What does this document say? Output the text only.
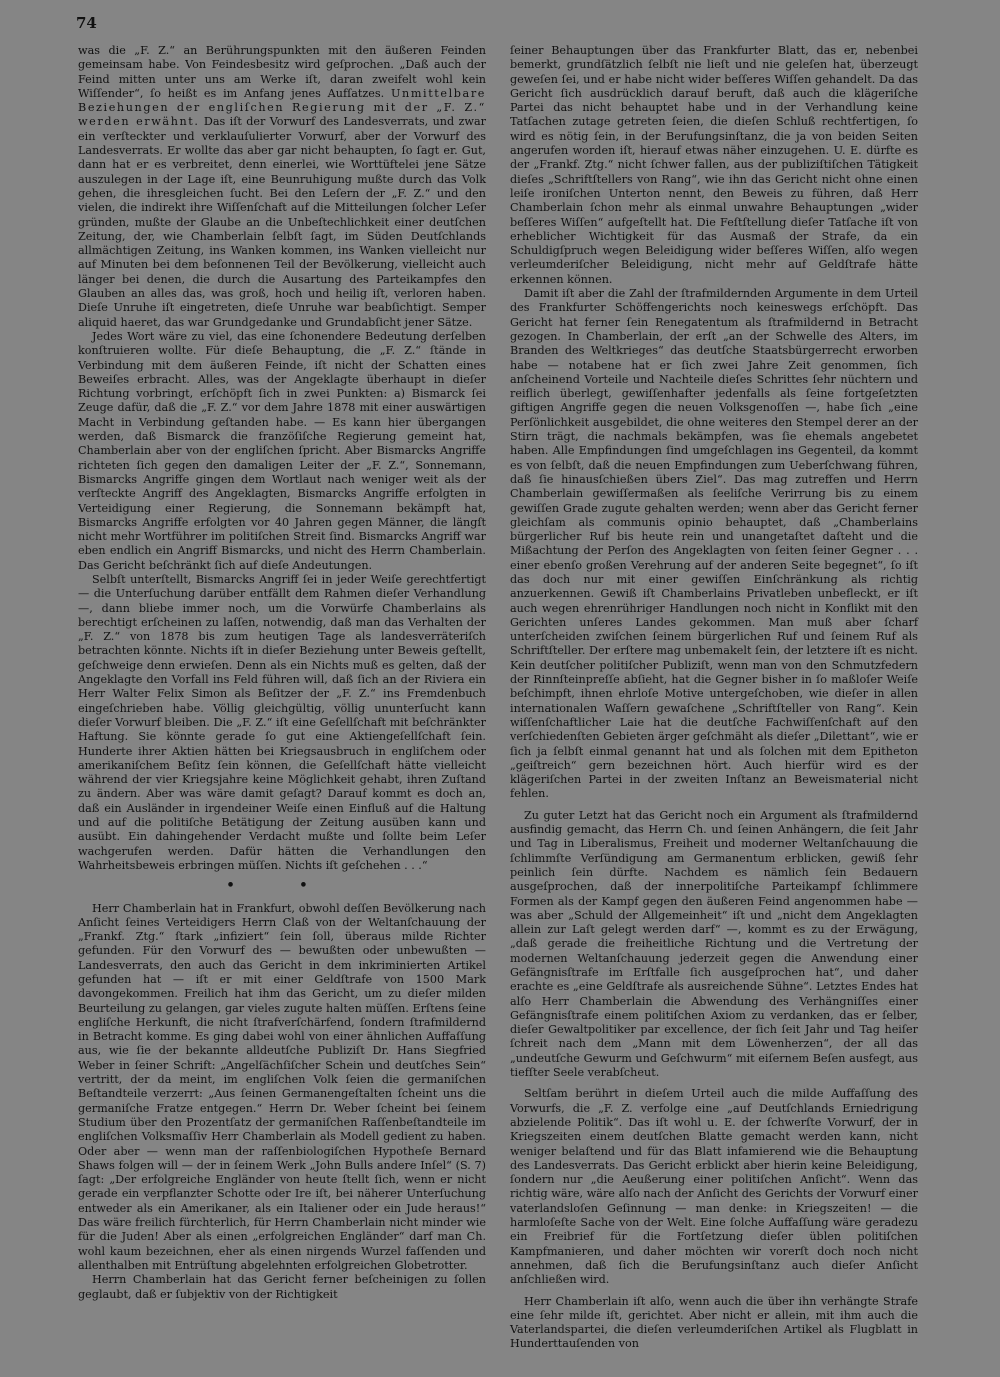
74

was die „F. Z.“ an Berührungspunkten mit den äußeren Feinden gemeinsam habe. Von Feindesbesitz wird geſprochen. „Daß auch der Feind mitten unter uns am Werke iſt, daran zweifelt wohl kein Wiſſender“, ſo heißt es im Anfang jenes Aufſatzes. Unmittelbare Beziehungen der engliſchen Regierung mit der „F. Z.“ werden erwähnt. Das iſt der Vorwurf des Landesverrats, und zwar ein verſteckter und verklauſulierter Vorwurf, aber der Vorwurf des Landesverrats. Er wollte das aber gar nicht behaupten, ſo ſagt er. Gut, dann hat er es verbreitet, denn einerlei, wie Worttüftelei jene Sätze auszulegen in der Lage iſt, eine Beunruhigung mußte durch das Volk gehen, die ihresgleichen ſucht. Bei den Leſern der „F. Z.“ und den vielen, die indirekt ihre Wiſſenſchaft auf die Mitteilungen ſolcher Leſer gründen, mußte der Glaube an die Unbeſtechlichkeit einer deutſchen Zeitung, der, wie Chamberlain ſelbſt ſagt, im Süden Deutſchlands allmächtigen Zeitung, ins Wanken kommen, ins Wanken vielleicht nur auf Minuten bei dem beſonnenen Teil der Bevölkerung, vielleicht auch länger bei denen, die durch die Ausartung des Parteikampfes den Glauben an alles das, was groß, hoch und heilig iſt, verloren haben. Dieſe Unruhe iſt eingetreten, dieſe Unruhe war beabſichtigt. Semper aliquid haeret, das war Grundgedanke und Grundabſicht jener Sätze.

Jedes Wort wäre zu viel, das eine ſchonendere Bedeutung derſelben konſtruieren wollte. Für dieſe Behauptung, die „F. Z.“ ſtände in Verbindung mit dem äußeren Feinde, iſt nicht der Schatten eines Beweiſes erbracht. Alles, was der Angeklagte überhaupt in dieſer Richtung vorbringt, erſchöpft ſich in zwei Punkten: a) Bismarck ſei Zeuge dafür, daß die „F. Z.“ vor dem Jahre 1878 mit einer auswärtigen Macht in Verbindung geſtanden habe. — Es kann hier übergangen werden, daß Bismarck die franzöſiſche Regierung gemeint hat, Chamberlain aber von der engliſchen ſpricht. Aber Bismarcks Angriffe richteten ſich gegen den damaligen Leiter der „F. Z.“, Sonnemann, Bismarcks Angriffe gingen dem Wortlaut nach weniger weit als der verſteckte Angriff des Angeklagten, Bismarcks Angriffe erfolgten in Verteidigung einer Regierung, die Sonnemann bekämpft hat, Bismarcks Angriffe erfolgten vor 40 Jahren gegen Männer, die längſt nicht mehr Wortführer im politiſchen Streit ſind. Bismarcks Angriff war eben endlich ein Angriff Bismarcks, und nicht des Herrn Chamberlain. Das Gericht beſchränkt ſich auf dieſe Andeutungen.

Selbſt unterſtellt, Bismarcks Angriff ſei in jeder Weiſe gerechtfertigt — die Unterſuchung darüber entfällt dem Rahmen dieſer Verhandlung —, dann bliebe immer noch, um die Vorwürfe Chamberlains als berechtigt erſcheinen zu laſſen, notwendig, daß man das Verhalten der „F. Z.“ von 1878 bis zum heutigen Tage als landesverräteriſch betrachten könnte. Nichts iſt in dieſer Beziehung unter Beweis geſtellt, geſchweige denn erwieſen. Denn als ein Nichts muß es gelten, daß der Angeklagte den Vorfall ins Feld führen will, daß ſich an der Riviera ein Herr Walter Felix Simon als Beſitzer der „F. Z.“ ins Fremdenbuch eingeſchrieben habe. Völlig gleichgültig, völlig ununterſucht kann dieſer Vorwurf bleiben. Die „F. Z.“ iſt eine Geſellſchaft mit beſchränkter Haftung. Sie könnte gerade ſo gut eine Aktiengeſellſchaft ſein. Hunderte ihrer Aktien hätten bei Kriegsausbruch in engliſchem oder amerikaniſchem Beſitz ſein können, die Geſellſchaft hätte vielleicht während der vier Kriegsjahre keine Möglichkeit gehabt, ihren Zuſtand zu ändern. Aber was wäre damit geſagt? Darauf kommt es doch an, daß ein Ausländer in irgendeiner Weiſe einen Einfluß auf die Haltung und auf die politiſche Betätigung der Zeitung ausüben kann und ausübt. Ein dahingehender Verdacht mußte und ſollte beim Leſer wachgerufen werden. Dafür hätten die Verhandlungen den Wahrheitsbeweis erbringen müſſen. Nichts iſt geſchehen . . .“

• •

Herr Chamberlain hat in Frankfurt, obwohl deſſen Bevölkerung nach Anſicht ſeines Verteidigers Herrn Claß von der Weltanſchauung der „Frankf. Ztg.“ ſtark „infiziert“ ſein ſoll, überaus milde Richter gefunden. Für den Vorwurf des — bewußten oder unbewußten — Landesverrats, den auch das Gericht in dem inkriminierten Artikel gefunden hat — iſt er mit einer Geldſtrafe von 1500 Mark davongekommen. Freilich hat ihm das Gericht, um zu dieſer milden Beurteilung zu gelangen, gar vieles zugute halten müſſen. Erſtens ſeine engliſche Herkunft, die nicht ſtrafverſchärfend, ſondern ſtrafmildernd in Betracht komme. Es ging dabei wohl von einer ähnlichen Auffaſſung aus, wie ſie der bekannte alldeutſche Publiziſt Dr. Hans Siegfried Weber in ſeiner Schrift: „Angelſächſiſcher Schein und deutſches Sein“ vertritt, der da meint, im engliſchen Volk ſeien die germaniſchen Beſtandteile verzerrt: „Aus ſeinen Germanengeſtalten ſcheint uns die germaniſche Fratze entgegen.“ Herrn Dr. Weber ſcheint bei ſeinem Studium über den Prozentſatz der germaniſchen Raſſenbeſtandteile im engliſchen Volksmaſſiv Herr Chamberlain als Modell gedient zu haben. Oder aber — wenn man der raſſenbiologiſchen Hypotheſe Bernard Shaws folgen will — der in ſeinem Werk „John Bulls andere Inſel“ (S. 7) ſagt: „Der erfolgreiche Engländer von heute ſtellt ſich, wenn er nicht gerade ein verpflanzter Schotte oder Ire iſt, bei näherer Unterſuchung entweder als ein Amerikaner, als ein Italiener oder ein Jude heraus!“ Das wäre freilich fürchterlich, für Herrn Chamberlain nicht minder wie für die Juden! Aber als einen „erfolgreichen Engländer“ darf man Ch. wohl kaum bezeichnen, eher als einen nirgends Wurzel faſſenden und allenthalben mit Entrüſtung abgelehnten erfolgreichen Globetrotter.

Herrn Chamberlain hat das Gericht ferner beſcheinigen zu ſollen geglaubt, daß er ſubjektiv von der Richtigkeit

ſeiner Behauptungen über das Frankfurter Blatt, das er, nebenbei bemerkt, grundſätzlich ſelbſt nie lieſt und nie geleſen hat, überzeugt geweſen ſei, und er habe nicht wider beſſeres Wiſſen gehandelt. Da das Gericht ſich ausdrücklich darauf beruft, daß auch die klägeriſche Partei das nicht behauptet habe und in der Verhandlung keine Tatſachen zutage getreten ſeien, die dieſen Schluß rechtfertigen, ſo wird es nötig ſein, in der Berufungsinſtanz, die ja von beiden Seiten angerufen worden iſt, hierauf etwas näher einzugehen. U. E. dürfte es der „Frankf. Ztg.“ nicht ſchwer fallen, aus der publiziſtiſchen Tätigkeit dieſes „Schriftſtellers von Rang“, wie ihn das Gericht nicht ohne einen leiſe ironiſchen Unterton nennt, den Beweis zu führen, daß Herr Chamberlain ſchon mehr als einmal unwahre Behauptungen „wider beſſeres Wiſſen“ aufgeſtellt hat. Die Feſtſtellung dieſer Tatſache iſt von erheblicher Wichtigkeit für das Ausmaß der Strafe, da ein Schuldigſpruch wegen Beleidigung wider beſſeres Wiſſen, alſo wegen verleumderiſcher Beleidigung, nicht mehr auf Geldſtrafe hätte erkennen können.

Damit iſt aber die Zahl der ſtrafmildernden Argumente in dem Urteil des Frankfurter Schöffengerichts noch keineswegs erſchöpft. Das Gericht hat ferner ſein Renegatentum als ſtrafmildernd in Betracht gezogen. In Chamberlain, der erſt „an der Schwelle des Alters, im Branden des Weltkrieges“ das deutſche Staatsbürgerrecht erworben habe — notabene hat er ſich zwei Jahre Zeit genommen, ſich anſcheinend Vorteile und Nachteile dieſes Schrittes ſehr nüchtern und reiflich überlegt, gewiſſenhafter jedenfalls als ſeine fortgeſetzten giftigen Angriffe gegen die neuen Volksgenoſſen —, habe ſich „eine Perſönlichkeit ausgebildet, die ohne weiteres den Stempel derer an der Stirn trägt, die nachmals bekämpfen, was ſie ehemals angebetet haben. Alle Empfindungen ſind umgeſchlagen ins Gegenteil, da kommt es von ſelbſt, daß die neuen Empfindungen zum Ueberſchwang führen, daß ſie hinausſchießen übers Ziel“. Das mag zutreffen und Herrn Chamberlain gewiſſermaßen als ſeeliſche Verirrung bis zu einem gewiſſen Grade zugute gehalten werden; wenn aber das Gericht ferner gleichſam als communis opinio behauptet, daß „Chamberlains bürgerlicher Ruf bis heute rein und unangetaſtet daſteht und die Mißachtung der Perſon des Angeklagten von ſeiten ſeiner Gegner . . . einer ebenſo großen Verehrung auf der anderen Seite begegnet“, ſo iſt das doch nur mit einer gewiſſen Einſchränkung als richtig anzuerkennen. Gewiß iſt Chamberlains Privatleben unbefleckt, er iſt auch wegen ehrenrühriger Handlungen noch nicht in Konflikt mit den Gerichten unſeres Landes gekommen. Man muß aber ſcharf unterſcheiden zwiſchen ſeinem bürgerlichen Ruf und ſeinem Ruf als Schriftſteller. Der erſtere mag unbemakelt ſein, der letztere iſt es nicht. Kein deutſcher politiſcher Publiziſt, wenn man von den Schmutzfedern der Rinnſteinpreſſe abſieht, hat die Gegner bisher in ſo maßloſer Weiſe beſchimpft, ihnen ehrloſe Motive untergeſchoben, wie dieſer in allen internationalen Waſſern gewaſchene „Schriftſteller von Rang“. Kein wiſſenſchaftlicher Laie hat die deutſche Fachwiſſenſchaft auf den verſchiedenſten Gebieten ärger geſchmäht als dieſer „Dilettant“, wie er ſich ja ſelbſt einmal genannt hat und als ſolchen mit dem Epitheton „geiſtreich“ gern bezeichnen hört. Auch hierfür wird es der klägeriſchen Partei in der zweiten Inſtanz an Beweismaterial nicht fehlen.

Zu guter Letzt hat das Gericht noch ein Argument als ſtrafmildernd ausfindig gemacht, das Herrn Ch. und ſeinen Anhängern, die ſeit Jahr und Tag in Liberalismus, Freiheit und moderner Weltanſchauung die ſchlimmſte Verſündigung am Germanentum erblicken, gewiß ſehr peinlich ſein dürfte. Nachdem es nämlich ſein Bedauern ausgeſprochen, daß der innerpolitiſche Parteikampf ſchlimmere Formen als der Kampf gegen den äußeren Feind angenommen habe — was aber „Schuld der Allgemeinheit“ iſt und „nicht dem Angeklagten allein zur Laſt gelegt werden darf“ —, kommt es zu der Erwägung, „daß gerade die freiheitliche Richtung und die Vertretung der modernen Weltanſchauung jederzeit gegen die Anwendung einer Gefängnisſtrafe im Erſtfalle ſich ausgeſprochen hat“, und daher erachte es „eine Geldſtrafe als ausreichende Sühne“. Letztes Endes hat alſo Herr Chamberlain die Abwendung des Verhängniſſes einer Gefängnisſtrafe einem politiſchen Axiom zu verdanken, das er ſelber, dieſer Gewaltpolitiker par excellence, der ſich ſeit Jahr und Tag heiſer ſchreit nach dem „Mann mit dem Löwenherzen“, der all das „undeutſche Gewurm und Geſchwurm“ mit eiſernem Beſen ausfegt, aus tiefſter Seele verabſcheut.

Seltſam berührt in dieſem Urteil auch die milde Auffaſſung des Vorwurfs, die „F. Z. verfolge eine „auf Deutſchlands Erniedrigung abzielende Politik“. Das iſt wohl u. E. der ſchwerſte Vorwurf, der in Kriegszeiten einem deutſchen Blatte gemacht werden kann, nicht weniger belaſtend und für das Blatt infamierend wie die Behauptung des Landesverrats. Das Gericht erblickt aber hierin keine Beleidigung, ſondern nur „die Aeußerung einer politiſchen Anſicht“. Wenn das richtig wäre, wäre alſo nach der Anſicht des Gerichts der Vorwurf einer vaterlandsloſen Geſinnung — man denke: in Kriegszeiten! — die harmloſeſte Sache von der Welt. Eine ſolche Auffaſſung wäre geradezu ein Freibrief für die Fortſetzung dieſer üblen politiſchen Kampfmanieren, und daher möchten wir vorerſt doch noch nicht annehmen, daß ſich die Berufungsinſtanz auch dieſer Anſicht anſchließen wird.

Herr Chamberlain iſt alſo, wenn auch die über ihn verhängte Strafe eine ſehr milde iſt, gerichtet. Aber nicht er allein, mit ihm auch die Vaterlandspartei, die dieſen verleumderiſchen Artikel als Flugblatt in Hunderttauſenden von
